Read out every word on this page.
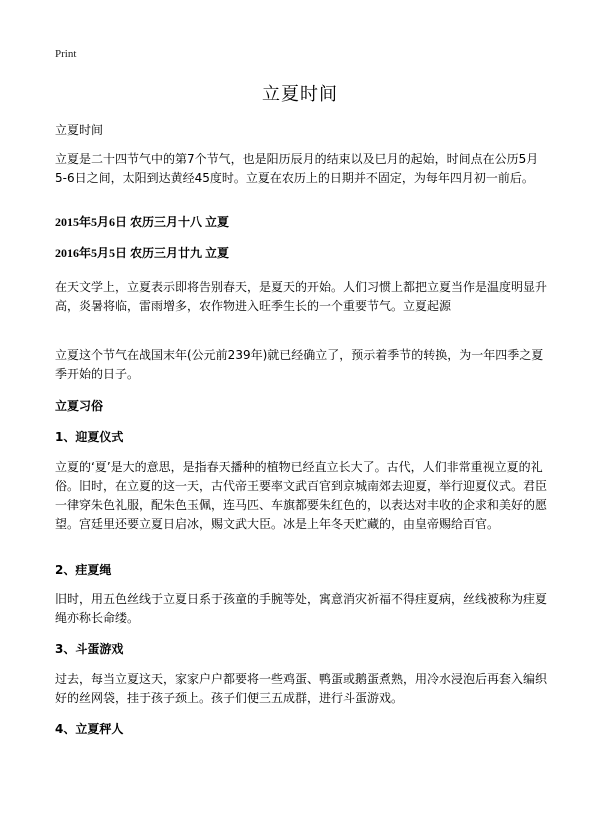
Print
立夏时间

立夏时间

立夏是二十四节气中的第7个节气，也是阳历辰月的结束以及巳月的起始，时间点在公历5月5-6日之间，太阳到达黄经45度时。立夏在农历上的日期并不固定，为每年四月初一前后。

2015年5月6日 农历三月十八 立夏

2016年5月5日 农历三月廿九 立夏

在天文学上，立夏表示即将告别春天，是夏天的开始。人们习惯上都把立夏当作是温度明显升高，炎暑将临，雷雨增多，农作物进入旺季生长的一个重要节气。立夏起源

立夏这个节气在战国末年(公元前239年)就已经确立了，预示着季节的转换，为一年四季之夏季开始的日子。

立夏习俗

1、迎夏仪式

立夏的‘夏’是大的意思，是指春天播种的植物已经直立长大了。古代，人们非常重视立夏的礼俗。旧时，在立夏的这一天，古代帝王要率文武百官到京城南郊去迎夏，举行迎夏仪式。君臣一律穿朱色礼服，配朱色玉佩，连马匹、车旗都要朱红色的，以表达对丰收的企求和美好的愿望。宫廷里还要立夏日启冰，赐文武大臣。冰是上年冬天贮藏的，由皇帝赐给百官。

2、疰夏绳

旧时，用五色丝线于立夏日系于孩童的手腕等处，寓意消灾祈福不得疰夏病，丝线被称为疰夏绳亦称长命缕。

3、斗蛋游戏

过去，每当立夏这天，家家户户都要将一些鸡蛋、鸭蛋或鹅蛋煮熟，用冷水浸泡后再套入编织好的丝网袋，挂于孩子颈上。孩子们便三五成群，进行斗蛋游戏。

4、立夏秤人
